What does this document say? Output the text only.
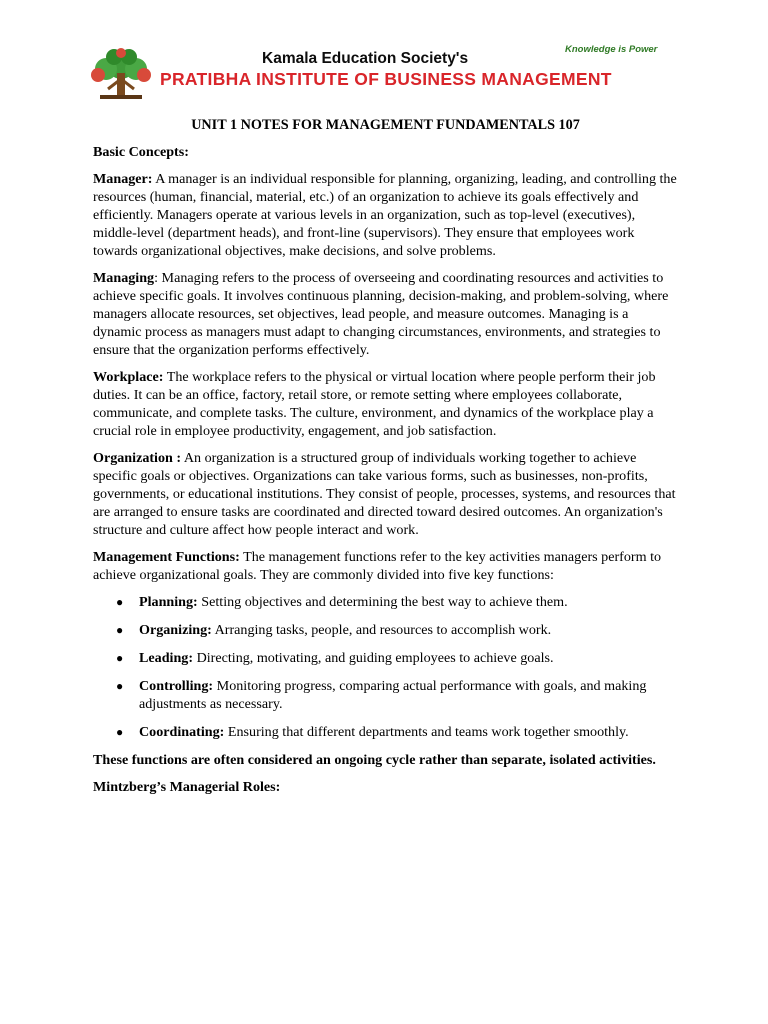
Kamala Education Society's
PRATIBHA INSTITUTE OF BUSINESS MANAGEMENT
Knowledge is Power
UNIT 1 NOTES FOR MANAGEMENT FUNDAMENTALS 107
Basic Concepts:

Manager: A manager is an individual responsible for planning, organizing, leading, and controlling the resources (human, financial, material, etc.) of an organization to achieve its goals effectively and efficiently. Managers operate at various levels in an organization, such as top-level (executives), middle-level (department heads), and front-line (supervisors). They ensure that employees work towards organizational objectives, make decisions, and solve problems.

Managing: Managing refers to the process of overseeing and coordinating resources and activities to achieve specific goals. It involves continuous planning, decision-making, and problem-solving, where managers allocate resources, set objectives, lead people, and measure outcomes. Managing is a dynamic process as managers must adapt to changing circumstances, environments, and strategies to ensure that the organization performs effectively.

Workplace: The workplace refers to the physical or virtual location where people perform their job duties. It can be an office, factory, retail store, or remote setting where employees collaborate, communicate, and complete tasks. The culture, environment, and dynamics of the workplace play a crucial role in employee productivity, engagement, and job satisfaction.

Organization : An organization is a structured group of individuals working together to achieve specific goals or objectives. Organizations can take various forms, such as businesses, non-profits, governments, or educational institutions. They consist of people, processes, systems, and resources that are arranged to ensure tasks are coordinated and directed toward desired outcomes. An organization's structure and culture affect how people interact and work.

Management Functions: The management functions refer to the key activities managers perform to achieve organizational goals. They are commonly divided into five key functions:

● Planning: Setting objectives and determining the best way to achieve them.
● Organizing: Arranging tasks, people, and resources to accomplish work.
● Leading: Directing, motivating, and guiding employees to achieve goals.
● Controlling: Monitoring progress, comparing actual performance with goals, and making adjustments as necessary.
● Coordinating: Ensuring that different departments and teams work together smoothly.
These functions are often considered an ongoing cycle rather than separate, isolated activities.
Mintzberg’s Managerial Roles:
